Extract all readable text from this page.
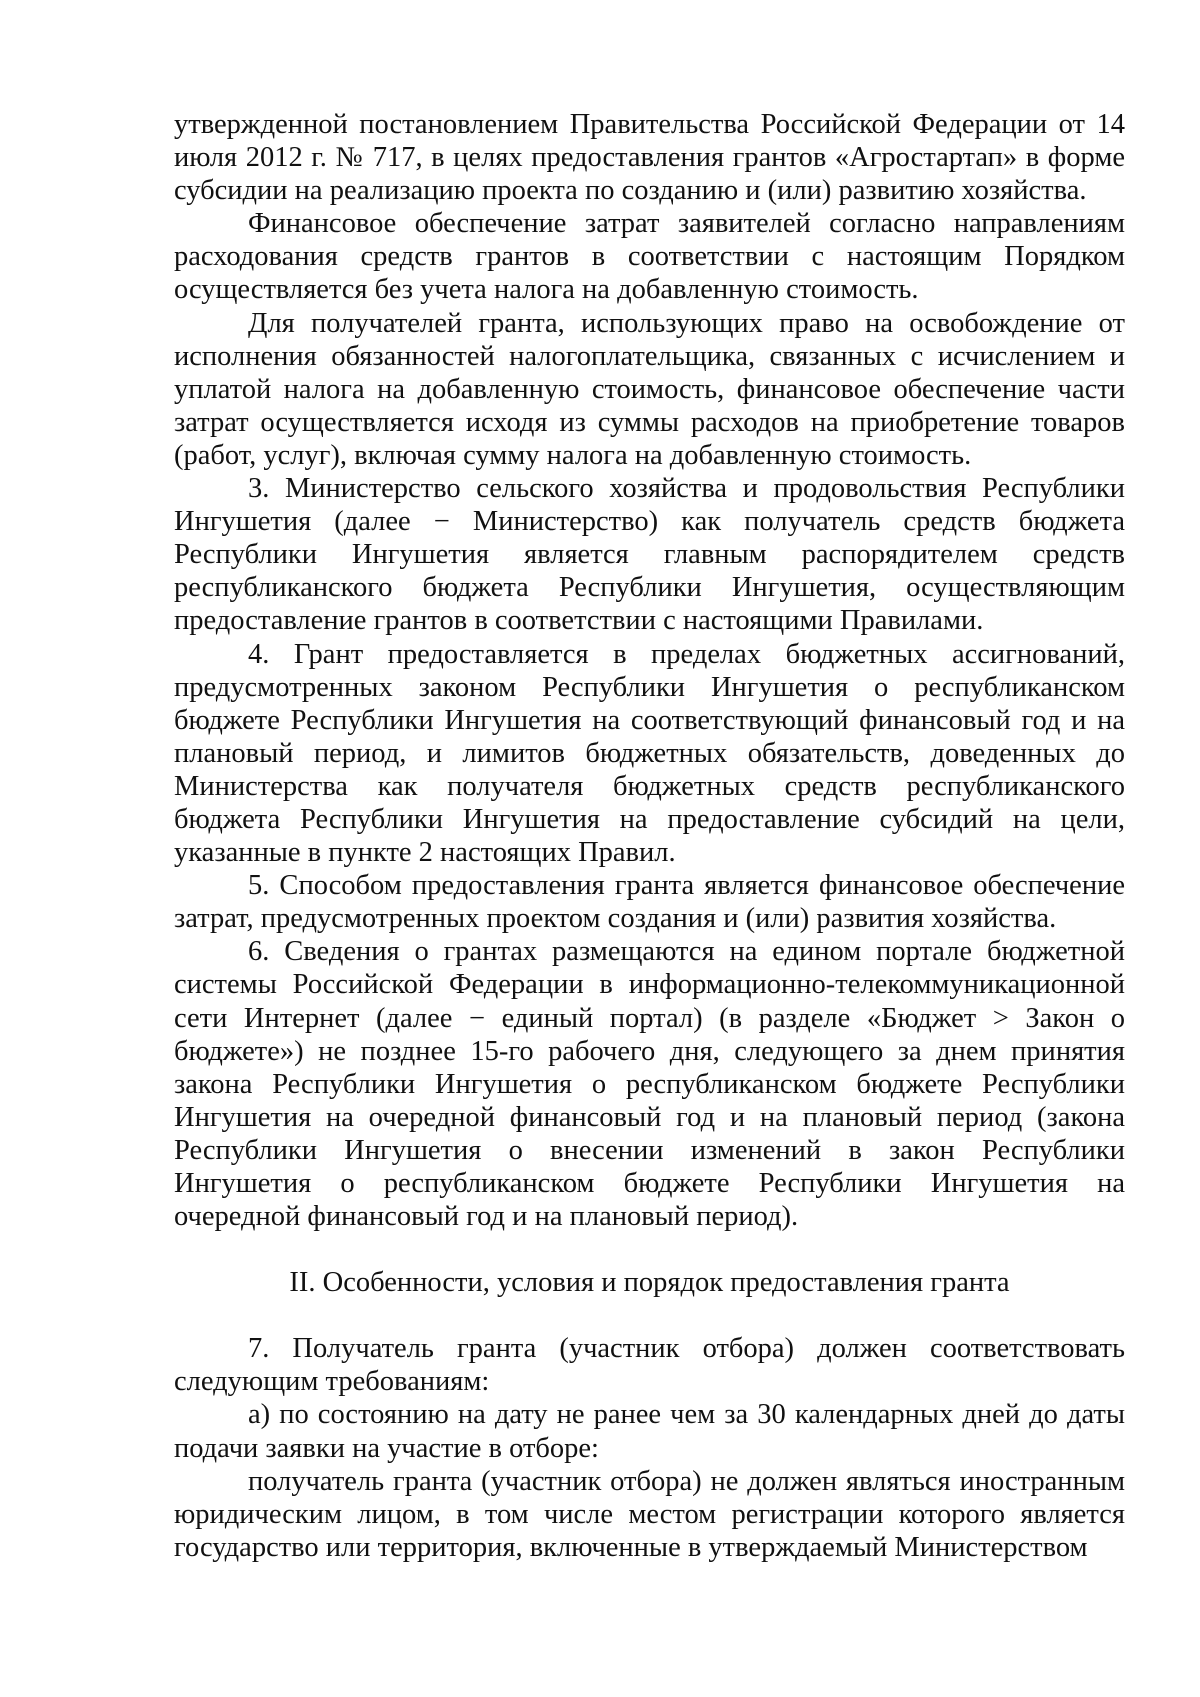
утвержденной постановлением Правительства Российской Федерации от 14 июля 2012 г. № 717, в целях предоставления грантов «Агростартап» в форме субсидии на реализацию проекта по созданию и (или) развитию хозяйства.

Финансовое обеспечение затрат заявителей согласно направлениям расходования средств грантов в соответствии с настоящим Порядком осуществляется без учета налога на добавленную стоимость.

Для получателей гранта, использующих право на освобождение от исполнения обязанностей налогоплательщика, связанных с исчислением и уплатой налога на добавленную стоимость, финансовое обеспечение части затрат осуществляется исходя из суммы расходов на приобретение товаров (работ, услуг), включая сумму налога на добавленную стоимость.

3. Министерство сельского хозяйства и продовольствия Республики Ингушетия (далее − Министерство) как получатель средств бюджета Республики Ингушетия является главным распорядителем средств республиканского бюджета Республики Ингушетия, осуществляющим предоставление грантов в соответствии с настоящими Правилами.

4. Грант предоставляется в пределах бюджетных ассигнований, предусмотренных законом Республики Ингушетия о республиканском бюджете Республики Ингушетия на соответствующий финансовый год и на плановый период, и лимитов бюджетных обязательств, доведенных до Министерства как получателя бюджетных средств республиканского бюджета Республики Ингушетия на предоставление субсидий на цели, указанные в пункте 2 настоящих Правил.

5. Способом предоставления гранта является финансовое обеспечение затрат, предусмотренных проектом создания и (или) развития хозяйства.

6. Сведения о грантах размещаются на едином портале бюджетной системы Российской Федерации в информационно-телекоммуникационной сети Интернет (далее − единый портал) (в разделе «Бюджет > Закон о бюджете») не позднее 15-го рабочего дня, следующего за днем принятия закона Республики Ингушетия о республиканском бюджете Республики Ингушетия на очередной финансовый год и на плановый период (закона Республики Ингушетия о внесении изменений в закон Республики Ингушетия о республиканском бюджете Республики Ингушетия на очередной финансовый год и на плановый период).

II. Особенности, условия и порядок предоставления гранта

7. Получатель гранта (участник отбора) должен соответствовать следующим требованиям:

а) по состоянию на дату не ранее чем за 30 календарных дней до даты подачи заявки на участие в отборе:

получатель гранта (участник отбора) не должен являться иностранным юридическим лицом, в том числе местом регистрации которого является государство или территория, включенные в утверждаемый Министерством
